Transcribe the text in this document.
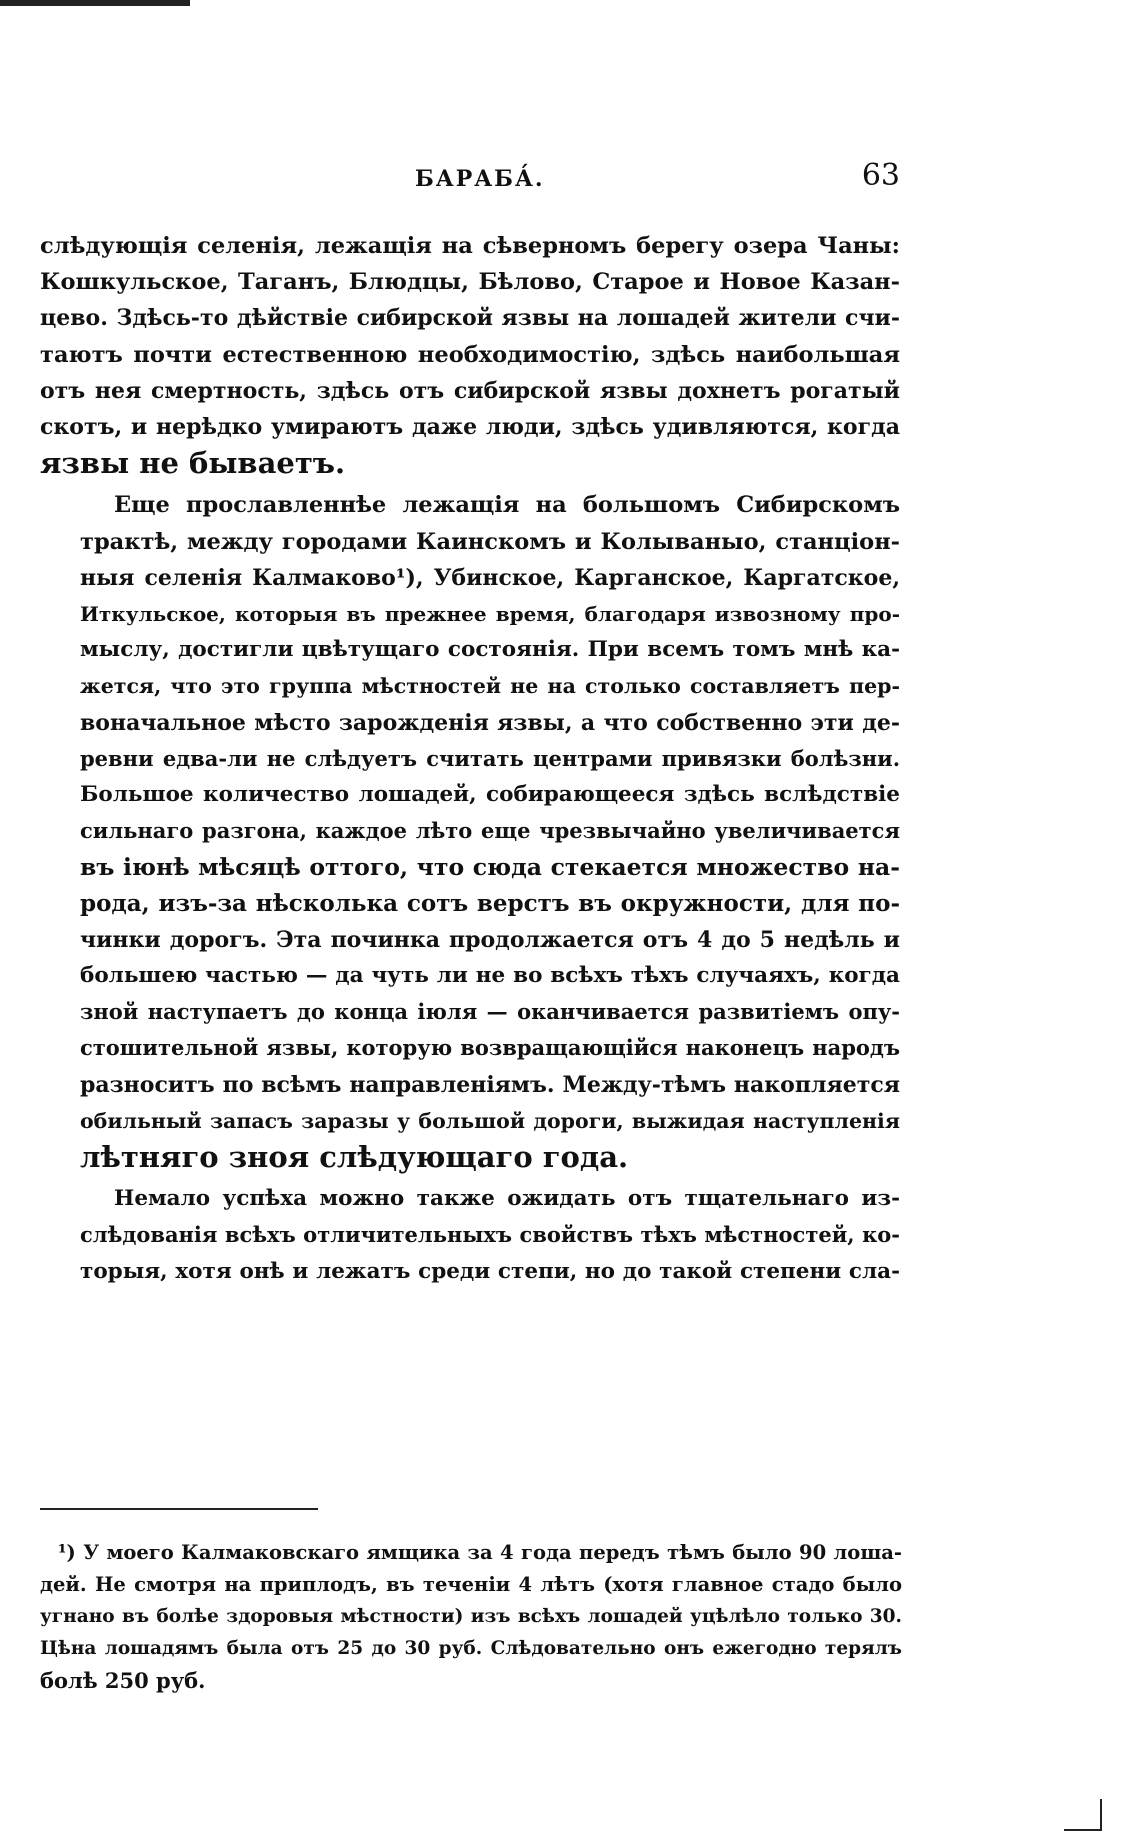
БАРАБА́.	63

слѣдующія селенія, лежащія на сѣверномъ берегу озера Чаны:
Кошкульское, Таганъ, Блюдцы, Бѣлово, Старое и Новое Казан-
цево. Здѣсь-то дѣйствіе сибирской язвы на лошадей жители счи-
таютъ почти естественною необходимостію, здѣсь наибольшая
отъ нея смертность, здѣсь отъ сибирской язвы дохнетъ рогатый
скотъ, и нерѣдко умираютъ даже люди, здѣсь удивляются, когда
язвы не бываетъ.

Еще прославленнѣе лежащія на большомъ Сибирскомъ
трактѣ, между городами Каинскомъ и Колываныо, станціон-
ныя селенія Калмаково¹), Убинское, Карганское, Каргатское,
Иткульское, которыя въ прежнее время, благодаря извозному про-
мыслу, достигли цвѣтущаго состоянія. При всемъ томъ мнѣ ка-
жется, что это группа мѣстностей не на столько составляетъ пер-
воначальное мѣсто зарожденія язвы, а что собственно эти де-
ревни едва-ли не слѣдуетъ считать центрами привязки болѣзни.
Большое количество лошадей, собирающееся здѣсь вслѣдствіе
сильнаго разгона, каждое лѣто еще чрезвычайно увеличивается
въ іюнѣ мѣсяцѣ оттого, что сюда стекается множество на-
рода, изъ-за нѣсколька сотъ верстъ въ окружности, для по-
чинки дорогъ. Эта починка продолжается отъ 4 до 5 недѣль и
большею частью — да чуть ли не во всѣхъ тѣхъ случаяхъ, когда
зной наступаетъ до конца іюля — оканчивается развитіемъ опу-
стошительной язвы, которую возвращающійся наконецъ народъ
разноситъ по всѣмъ направленіямъ. Между-тѣмъ накопляется
обильный запасъ заразы у большой дороги, выжидая наступленія
лѣтняго зноя слѣдующаго года.

Немало успѣха можно также ожидать отъ тщательнаго из-
слѣдованія всѣхъ отличительныхъ свойствъ тѣхъ мѣстностей, ко-
торыя, хотя онѣ и лежатъ среди степи, но до такой степени сла-

¹) У моего Калмаковскаго ямщика за 4 года передъ тѣмъ было 90 лоша-
дей. Не смотря на приплодъ, въ теченіи 4 лѣтъ (хотя главное стадо было
угнано въ болѣе здоровыя мѣстности) изъ всѣхъ лошадей уцѣлѣло только 30.
Цѣна лошадямъ была отъ 25 до 30 руб. Слѣдовательно онъ ежегодно терялъ
болѣ 250 руб.
